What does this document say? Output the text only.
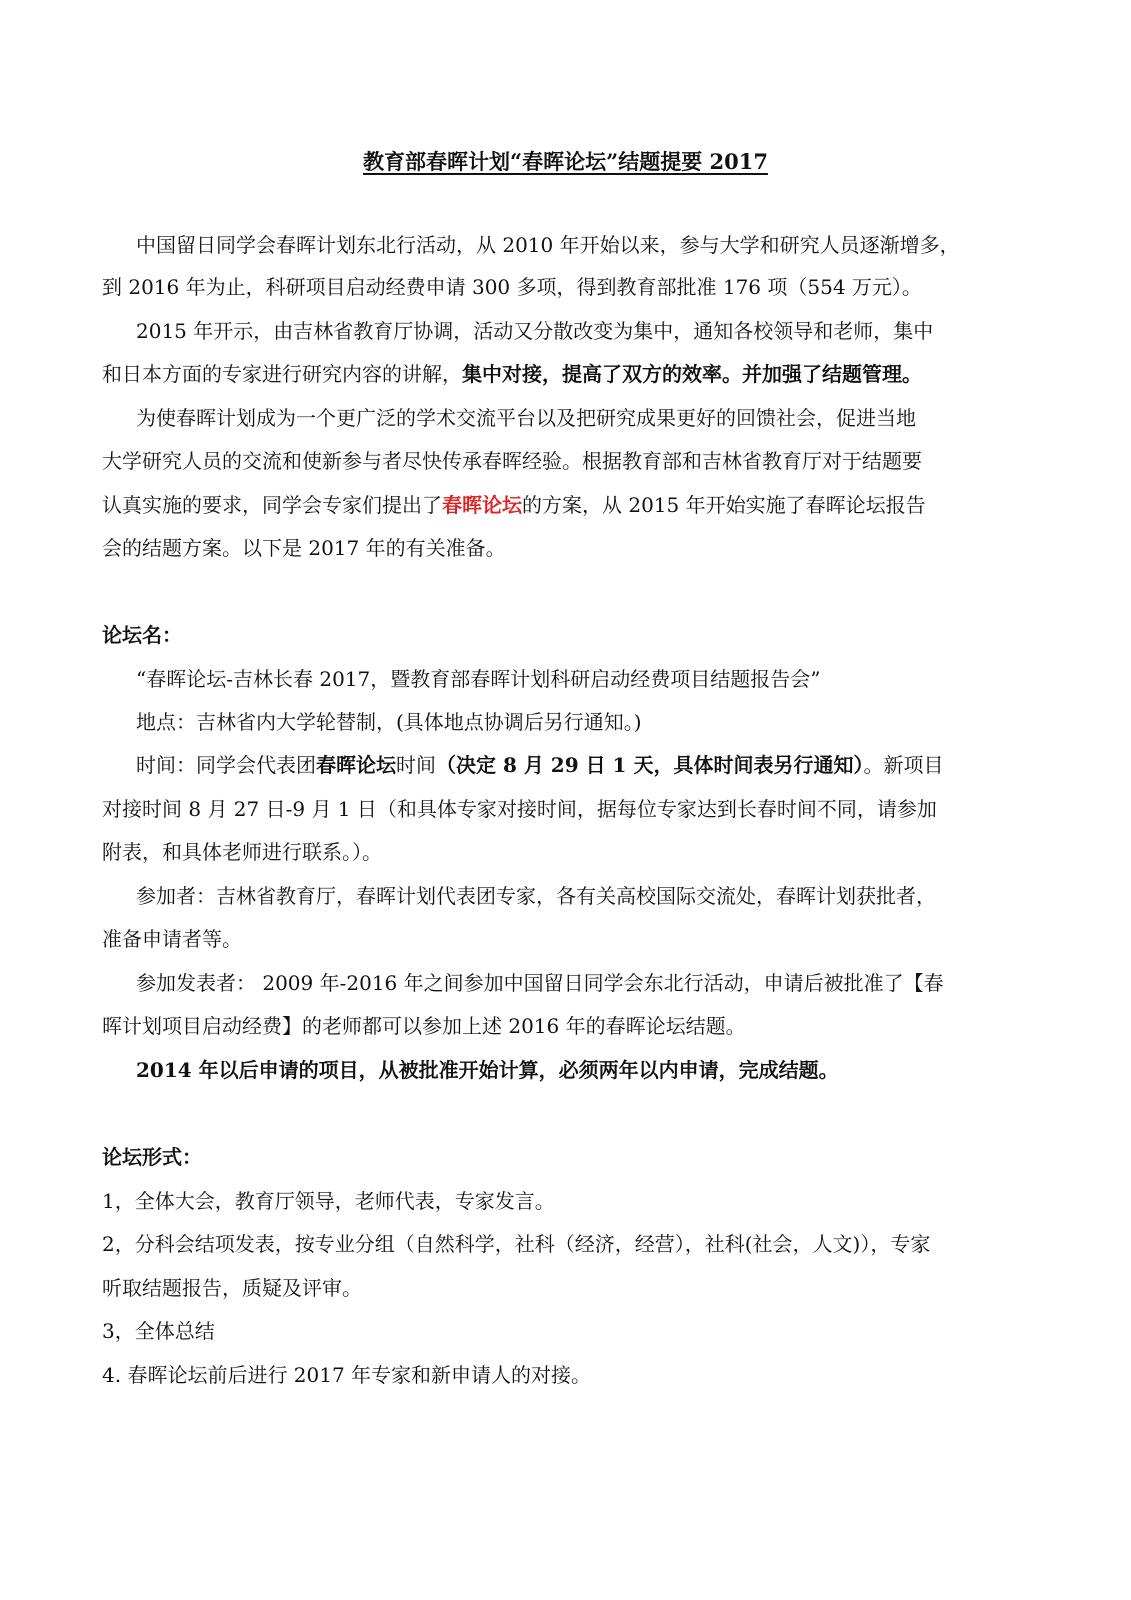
教育部春晖计划“春晖论坛”结题提要 2017
中国留日同学会春晖计划东北行活动，从 2010 年开始以来，参与大学和研究人员逐渐增多，
到 2016 年为止，科研项目启动经费申请 300 多项，得到教育部批准 176 项（554 万元）。
2015 年开示，由吉林省教育厅协调，活动又分散改变为集中，通知各校领导和老师，集中
和日本方面的专家进行研究内容的讲解，集中对接，提高了双方的效率。并加强了结题管理。
为使春晖计划成为一个更广泛的学术交流平台以及把研究成果更好的回馈社会，促进当地
大学研究人员的交流和使新参与者尽快传承春晖经验。根据教育部和吉林省教育厅对于结题要
认真实施的要求，同学会专家们提出了春晖论坛的方案，从 2015 年开始实施了春晖论坛报告
会的结题方案。以下是 2017 年的有关准备。
论坛名：
“春晖论坛-吉林长春 2017，暨教育部春晖计划科研启动经费项目结题报告会”
地点：吉林省内大学轮替制，(具体地点协调后另行通知。)
时间：同学会代表团春晖论坛时间（决定 8 月 29 日 1 天，具体时间表另行通知）。新项目
对接时间 8 月 27 日-9 月 1 日（和具体专家对接时间，据每位专家达到长春时间不同，请参加
附表，和具体老师进行联系。）。
参加者：吉林省教育厅，春晖计划代表团专家，各有关高校国际交流处，春晖计划获批者，
准备申请者等。
参加发表者： 2009 年-2016 年之间参加中国留日同学会东北行活动，申请后被批准了【春
晖计划项目启动经费】的老师都可以参加上述 2016 年的春晖论坛结题。
2014 年以后申请的项目，从被批准开始计算，必须两年以内申请，完成结题。
论坛形式：
1，全体大会，教育厅领导，老师代表，专家发言。
2，分科会结项发表，按专业分组（自然科学，社科（经济，经营），社科(社会，人文)），专家
听取结题报告，质疑及评审。
3，全体总结
4. 春晖论坛前后进行 2017 年专家和新申请人的对接。
